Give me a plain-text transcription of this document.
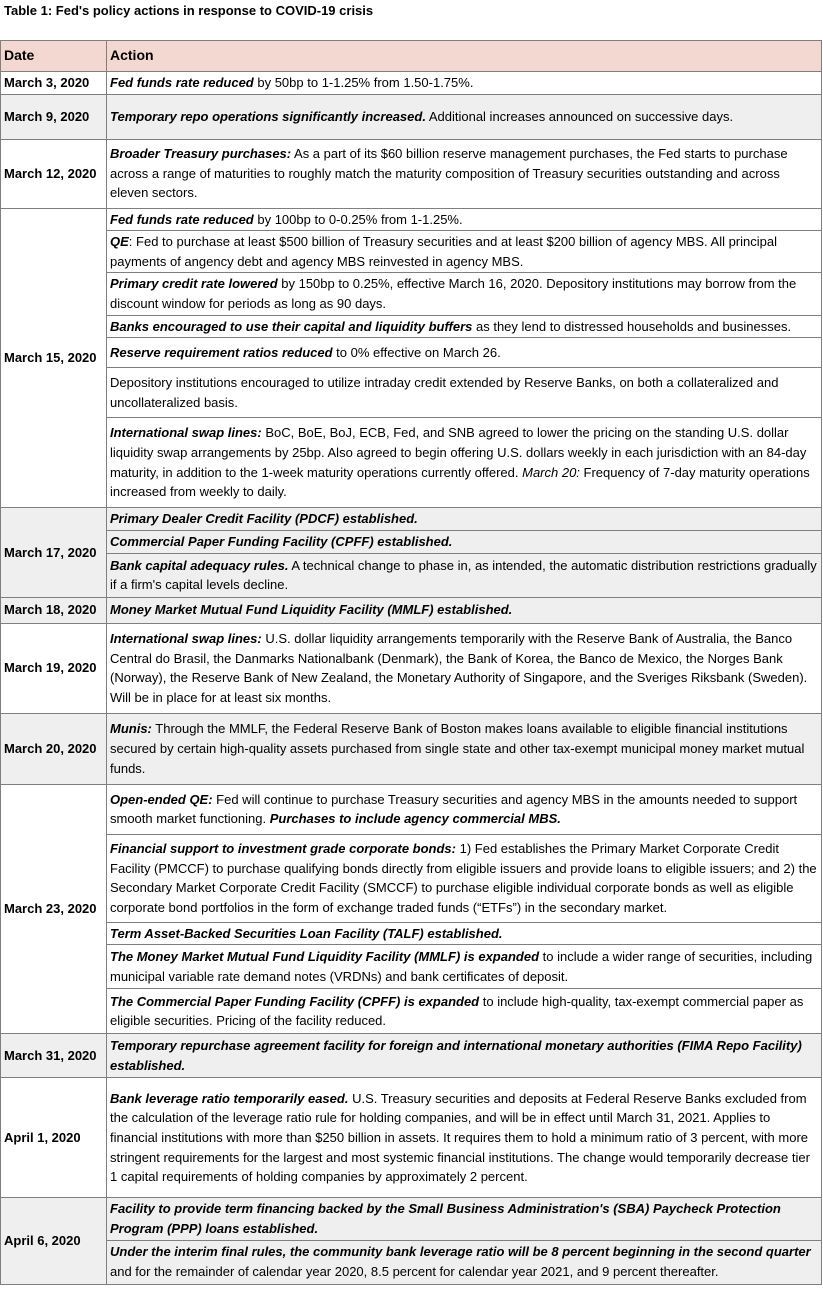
Table 1: Fed's policy actions in response to COVID-19 crisis
Date	Action
March 3, 2020	Fed funds rate reduced by 50bp to 1-1.25% from 1.50-1.75%.
March 9, 2020	Temporary repo operations significantly increased. Additional increases announced on successive days.
March 12, 2020	Broader Treasury purchases: As a part of its $60 billion reserve management purchases, the Fed starts to purchase across a range of maturities to roughly match the maturity composition of Treasury securities outstanding and across eleven sectors.
March 15, 2020	Fed funds rate reduced by 100bp to 0-0.25% from 1-1.25%.
	QE: Fed to purchase at least $500 billion of Treasury securities and at least $200 billion of agency MBS. All principal payments of angency debt and agency MBS reinvested in agency MBS.
	Primary credit rate lowered by 150bp to 0.25%, effective March 16, 2020. Depository institutions may borrow from the discount window for periods as long as 90 days.
	Banks encouraged to use their capital and liquidity buffers as they lend to distressed households and businesses.
	Reserve requirement ratios reduced to 0% effective on March 26.
	Depository institutions encouraged to utilize intraday credit extended by Reserve Banks, on both a collateralized and uncollateralized basis.
	International swap lines: BoC, BoE, BoJ, ECB, Fed, and SNB agreed to lower the pricing on the standing U.S. dollar liquidity swap arrangements by 25bp. Also agreed to begin offering U.S. dollars weekly in each jurisdiction with an 84-day maturity, in addition to the 1-week maturity operations currently offered. March 20: Frequency of 7-day maturity operations increased from weekly to daily.
March 17, 2020	Primary Dealer Credit Facility (PDCF) established.
	Commercial Paper Funding Facility (CPFF) established.
	Bank capital adequacy rules. A technical change to phase in, as intended, the automatic distribution restrictions gradually if a firm's capital levels decline.
March 18, 2020	Money Market Mutual Fund Liquidity Facility (MMLF) established.
March 19, 2020	International swap lines: U.S. dollar liquidity arrangements temporarily with the Reserve Bank of Australia, the Banco Central do Brasil, the Danmarks Nationalbank (Denmark), the Bank of Korea, the Banco de Mexico, the Norges Bank (Norway), the Reserve Bank of New Zealand, the Monetary Authority of Singapore, and the Sveriges Riksbank (Sweden). Will be in place for at least six months.
March 20, 2020	Munis: Through the MMLF, the Federal Reserve Bank of Boston makes loans available to eligible financial institutions secured by certain high-quality assets purchased from single state and other tax-exempt municipal money market mutual funds.
March 23, 2020	Open-ended QE: Fed will continue to purchase Treasury securities and agency MBS in the amounts needed to support smooth market functioning. Purchases to include agency commercial MBS.
	Financial support to investment grade corporate bonds: 1) Fed establishes the Primary Market Corporate Credit Facility (PMCCF) to purchase qualifying bonds directly from eligible issuers and provide loans to eligible issuers; and 2) the Secondary Market Corporate Credit Facility (SMCCF) to purchase eligible individual corporate bonds as well as eligible corporate bond portfolios in the form of exchange traded funds (“ETFs”) in the secondary market.
	Term Asset-Backed Securities Loan Facility (TALF) established.
	The Money Market Mutual Fund Liquidity Facility (MMLF) is expanded to include a wider range of securities, including municipal variable rate demand notes (VRDNs) and bank certificates of deposit.
	The Commercial Paper Funding Facility (CPFF) is expanded to include high-quality, tax-exempt commercial paper as eligible securities. Pricing of the facility reduced.
March 31, 2020	Temporary repurchase agreement facility for foreign and international monetary authorities (FIMA Repo Facility) established.
April 1, 2020	Bank leverage ratio temporarily eased. U.S. Treasury securities and deposits at Federal Reserve Banks excluded from the calculation of the leverage ratio rule for holding companies, and will be in effect until March 31, 2021. Applies to financial institutions with more than $250 billion in assets. It requires them to hold a minimum ratio of 3 percent, with more stringent requirements for the largest and most systemic financial institutions. The change would temporarily decrease tier 1 capital requirements of holding companies by approximately 2 percent.
April 6, 2020	Facility to provide term financing backed by the Small Business Administration's (SBA) Paycheck Protection Program (PPP) loans established.
	Under the interim final rules, the community bank leverage ratio will be 8 percent beginning in the second quarter and for the remainder of calendar year 2020, 8.5 percent for calendar year 2021, and 9 percent thereafter.
